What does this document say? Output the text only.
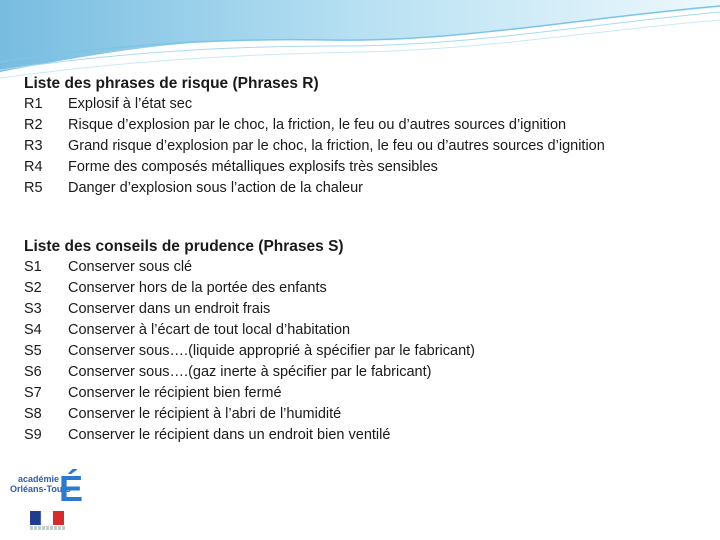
Liste des phrases de risque (Phrases R)

R1	Explosif à l’état sec
R2	Risque d’explosion par le choc, la friction, le feu ou d’autres sources d’ignition
R3	Grand risque d’explosion par le choc, la friction, le feu ou d’autres sources d’ignition
R4	Forme des composés métalliques explosifs très sensibles
R5	Danger d’explosion sous l’action de la chaleur

Liste des conseils de prudence (Phrases S)

S1	Conserver sous clé
S2	Conserver hors de la portée des enfants
S3	Conserver dans un endroit frais
S4	Conserver à l’écart de tout local d’habitation
S5	Conserver sous….(liquide approprié à spécifier par le fabricant)
S6	Conserver sous….(gaz inerte à spécifier par le fabricant)
S7	Conserver le récipient bien fermé
S8	Conserver le récipient à l’abri de l’humidité
S9	Conserver le récipient dans un endroit bien ventilé
académie
Orléans-Tours
É
